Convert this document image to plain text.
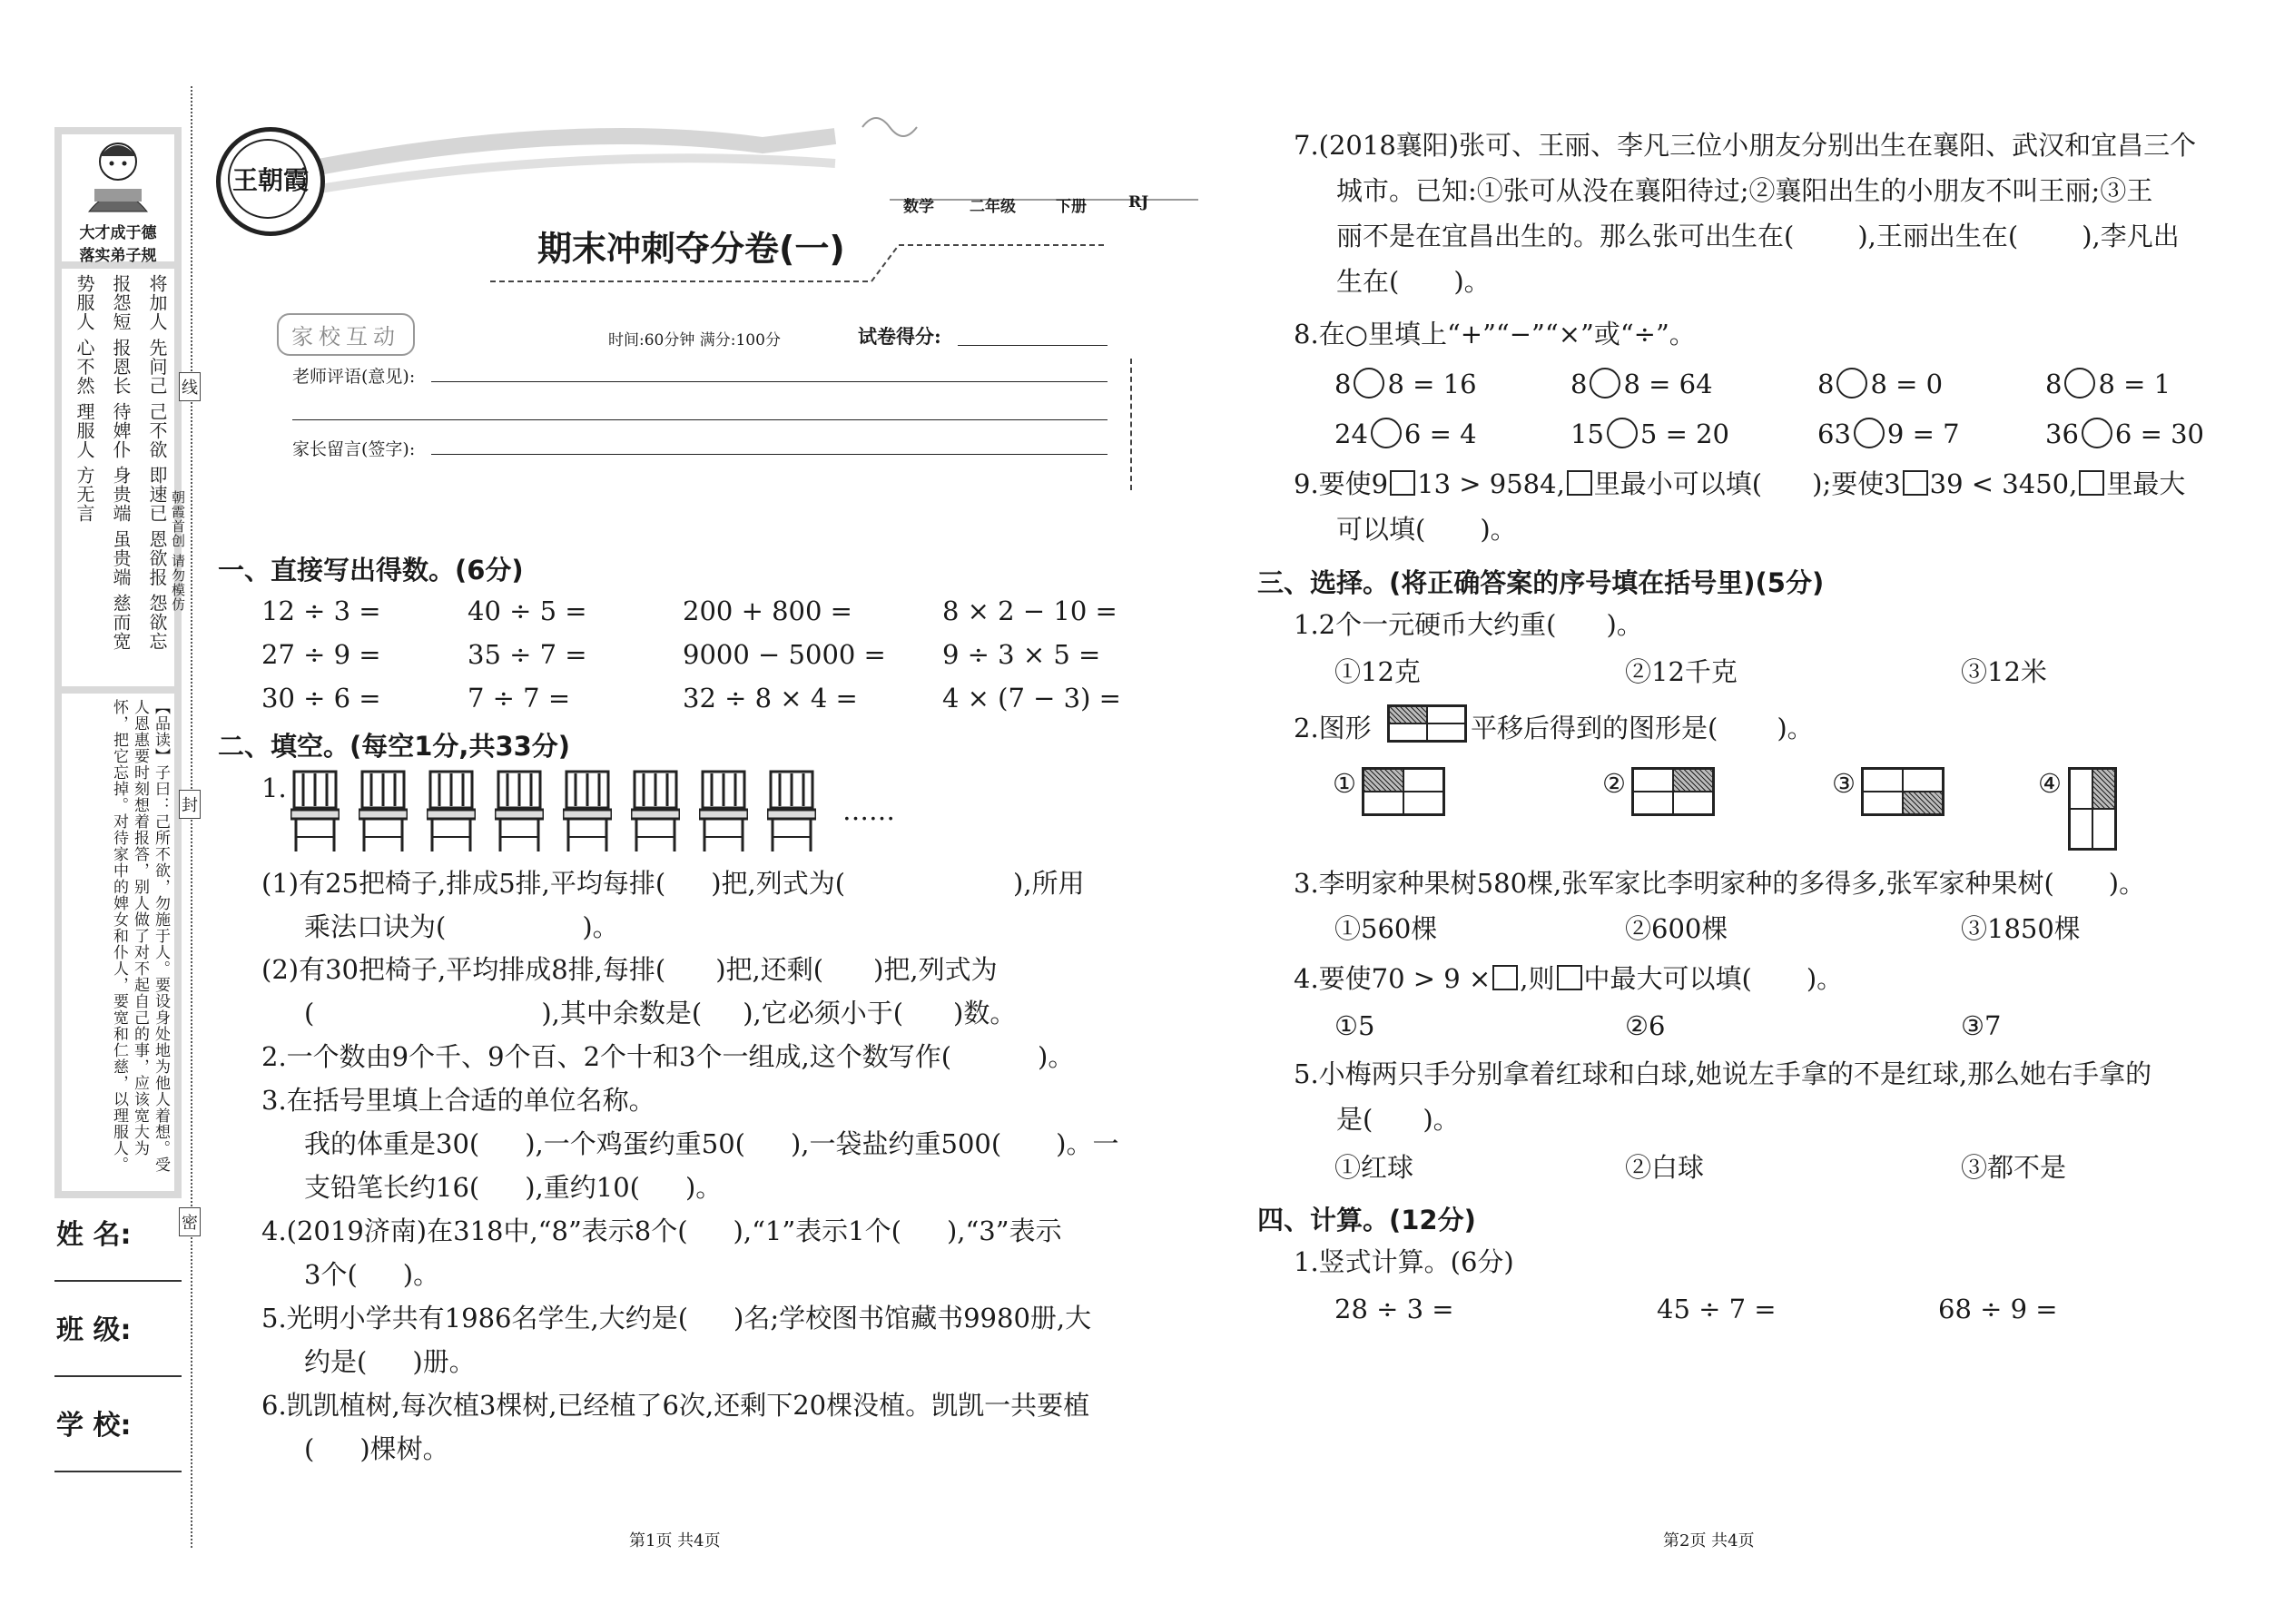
大才成于德
落实弟子规
将加人 先问己 己不欲 即速已 恩欲报 怨欲忘
报怨短 报恩长 待婢仆 身贵端 虽贵端 慈而宽
势服人 心不然 理服人 方无言
【品读】子曰：己所不欲，勿施于人。要设身处地为他人着想。受人恩惠要时刻想着报答，别人做了对不起自己的事，应该宽大为怀，把它忘掉。对待家中的婢女和仆人，要宽和仁慈，以理服人。
姓 名:
班 级:
学 校:
线
封
密
朝霞首创 请勿模仿
王朝霞
数学 二年级	下册	RJ
期末冲刺夺分卷(一)
家校互动	时间:60分钟 满分:100分	试卷得分:
老师评语(意见):
家长留言(签字):
一、直接写出得数。(6分)
12 ÷ 3 =	40 ÷ 5 =	200 + 800 =	8 × 2 − 10 =
27 ÷ 9 =	35 ÷ 7 =	9000 − 5000 = 9 ÷ 3 × 5 =
30 ÷ 6 =	7 ÷ 7 =	32 ÷ 8 × 4 =	4 × (7 − 3) =
二、填空。(每空1分,共33分)
1.
……
(1)有25把椅子,排成5排,平均每排( )把,列式为(	),所用
乘法口诀为(	)。
(2)有30把椅子,平均排成8排,每排( )把,还剩( )把,列式为
(	),其中余数是( ),它必须小于( )数。
2.一个数由9个千、9个百、2个十和3个一组成,这个数写作(	)。
3.在括号里填上合适的单位名称。
我的体重是30( ),一个鸡蛋约重50( ),一袋盐约重500( )。一
支铅笔长约16( ),重约10( )。
4.(2019济南)在318中,“8”表示8个( ),“1”表示1个( ),“3”表示
3个( )。
5.光明小学共有1986名学生,大约是( )名;学校图书馆藏书9980册,大
约是( )册。
6.凯凯植树,每次植3棵树,已经植了6次,还剩下20棵没植。凯凯一共要植
( )棵树。
7.(2018襄阳)张可、王丽、李凡三位小朋友分别出生在襄阳、武汉和宜昌三个
城市。已知:①张可从没在襄阳待过;②襄阳出生的小朋友不叫王丽;③王
丽不是在宜昌出生的。那么张可出生在( ),王丽出生在( ),李凡出
生在( )。
8.在○里填上“+”“−”“×”或“÷”。
8 8 = 16	8 8 = 64	8 8 = 0	8 8 = 1
24 6 = 4	15 5 = 20	63 9 = 7	36 6 = 30
9.要使9 13 > 9584, 里最小可以填( );要使3 39 < 3450, 里最大
可以填( )。
三、选择。(将正确答案的序号填在括号里)(5分)
1.2个一元硬币大约重( )。
①12克	②12千克	③12米
2.图形	平移后得到的图形是( )。
①	②	③	④
3.李明家种果树580棵,张军家比李明家种的多得多,张军家种果树( )。
①560棵	②600棵	③1850棵
4.要使70 > 9 × ,则 中最大可以填( )。
①5	②6	③7
5.小梅两只手分别拿着红球和白球,她说左手拿的不是红球,那么她右手拿的
是( )。
①红球	②白球	③都不是
四、计算。(12分)
1.竖式计算。(6分)
28 ÷ 3 =	45 ÷ 7 =	68 ÷ 9 =
第1页 共4页	第2页 共4页
